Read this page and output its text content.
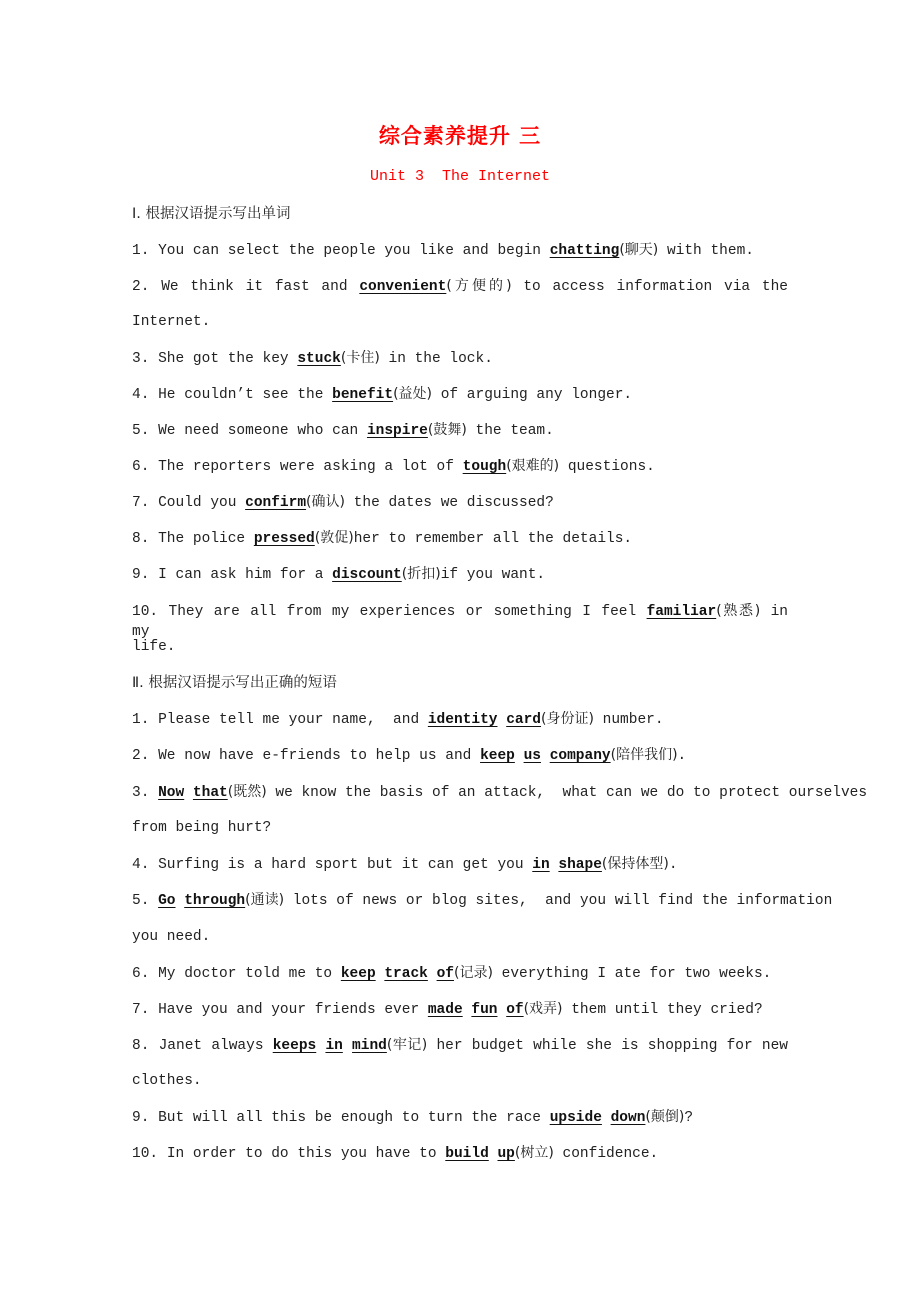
综合素养提升 三
Unit 3  The Internet
Ⅰ. 根据汉语提示写出单词
1. You can select the people you like and begin chatting(聊天) with them.
2. We think it fast and convenient(方便的) to access information via the
Internet.
3. She got the key stuck(卡住) in the lock.
4. He couldn’t see the benefit(益处) of arguing any longer.
5. We need someone who can inspire(鼓舞) the team.
6. The reporters were asking a lot of tough(艰难的) questions.
7. Could you confirm(确认) the dates we discussed?
8. The police pressed(敦促)her to remember all the details.
9. I can ask him for a discount(折扣)if you want.
10. They are all from my experiences or something I feel familiar(熟悉) in my
life.
Ⅱ. 根据汉语提示写出正确的短语
1. Please tell me your name,  and identity card(身份证) number.
2. We now have e-friends to help us and keep us company(陪伴我们).
3. Now that(既然) we know the basis of an attack,  what can we do to protect ourselves
from being hurt?
4. Surfing is a hard sport but it can get you in shape(保持体型).
5. Go through(通读) lots of news or blog sites,  and you will find the information
you need.
6. My doctor told me to keep track of(记录) everything I ate for two weeks.
7. Have you and your friends ever made fun of(戏弄) them until they cried?
8. Janet always keeps in mind(牢记) her budget while she is shopping for new
clothes.
9. But will all this be enough to turn the race upside down(颠倒)?
10. In order to do this you have to build up(树立) confidence.
